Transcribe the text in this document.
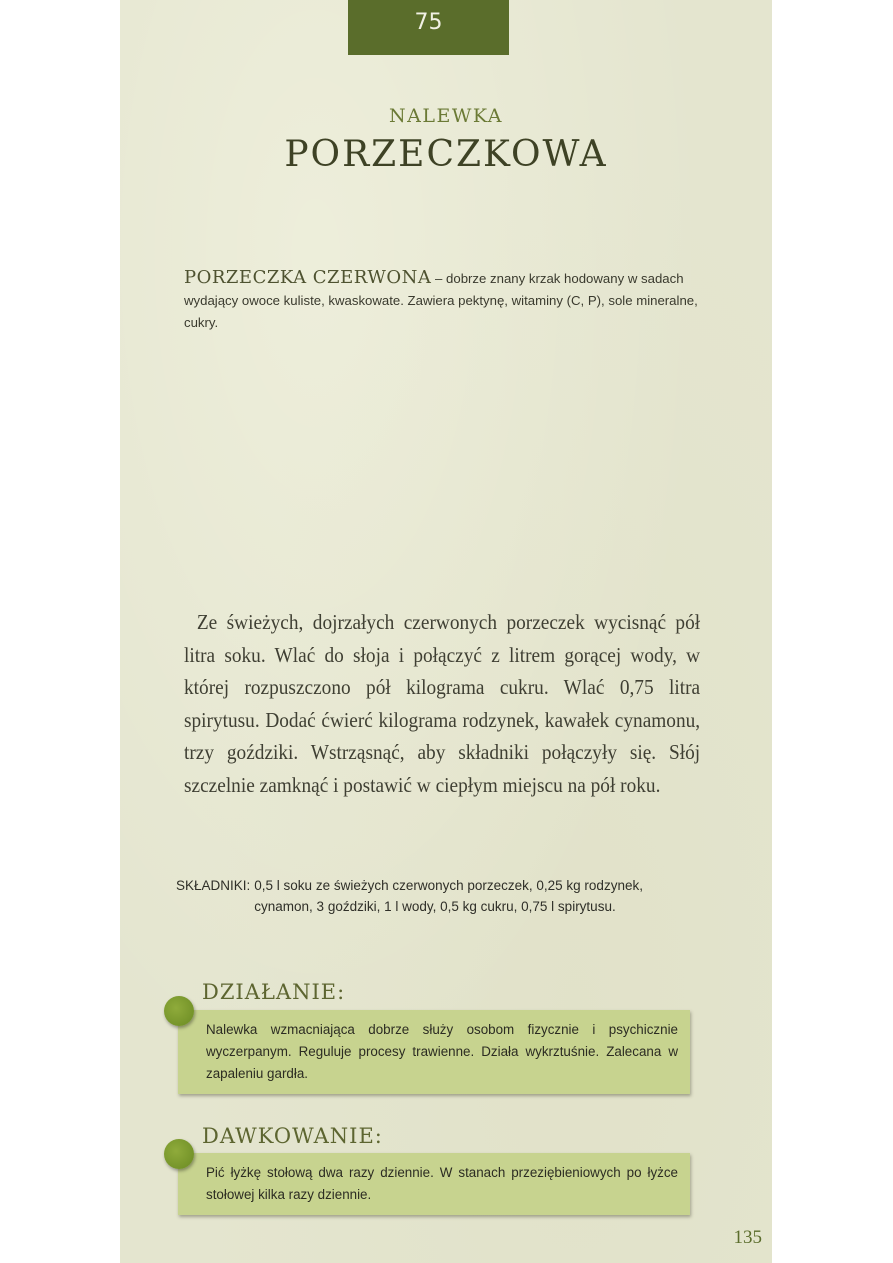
75
NALEWKA
PORZECZKOWA
PORZECZKA CZERWONA – dobrze znany krzak hodowany w sadach wydający owoce kuliste, kwaskowate. Zawiera pektynę, witaminy (C, P), sole mineralne, cukry.
Ze świeżych, dojrzałych czerwonych porzeczek wycisnąć pół litra soku. Wlać do słoja i połączyć z litrem gorącej wody, w której rozpuszczono pół kilograma cukru. Wlać 0,75 litra spirytusu. Dodać ćwierć kilograma rodzynek, kawałek cynamonu, trzy goździki. Wstrząsnąć, aby składniki połączyły się. Słój szczelnie zamknąć i postawić w ciepłym miejscu na pół roku.
SKŁADNIKI: 0,5 l soku ze świeżych czerwonych porzeczek, 0,25 kg rodzynek, cynamon, 3 goździki, 1 l wody, 0,5 kg cukru, 0,75 l spirytusu.
DZIAŁANIE:
Nalewka wzmacniająca dobrze służy osobom fizycznie i psychicznie wyczerpanym. Reguluje procesy trawienne. Działa wykrztuśnie. Zalecana w zapaleniu gardła.
DAWKOWANIE:
Pić łyżkę stołową dwa razy dziennie. W stanach przeziębieniowych po łyżce stołowej kilka razy dziennie.
135
